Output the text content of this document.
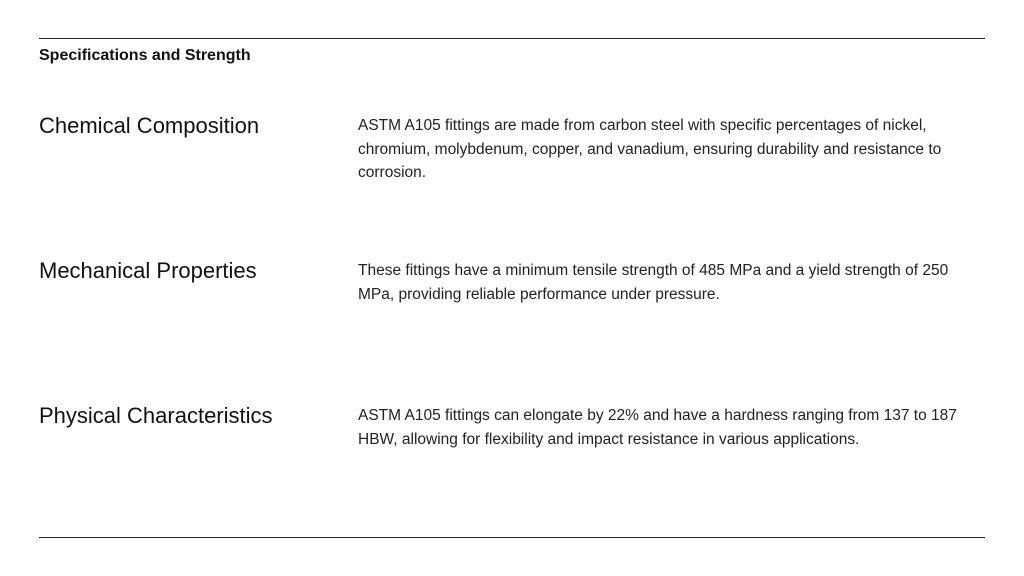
Specifications and Strength
Chemical Composition	ASTM A105 fittings are made from carbon steel with specific percentages of nickel, chromium, molybdenum, copper, and vanadium, ensuring durability and resistance to corrosion.

Mechanical Properties	These fittings have a minimum tensile strength of 485 MPa and a yield strength of 250 MPa, providing reliable performance under pressure.

Physical Characteristics	ASTM A105 fittings can elongate by 22% and have a hardness ranging from 137 to 187 HBW, allowing for flexibility and impact resistance in various applications.
